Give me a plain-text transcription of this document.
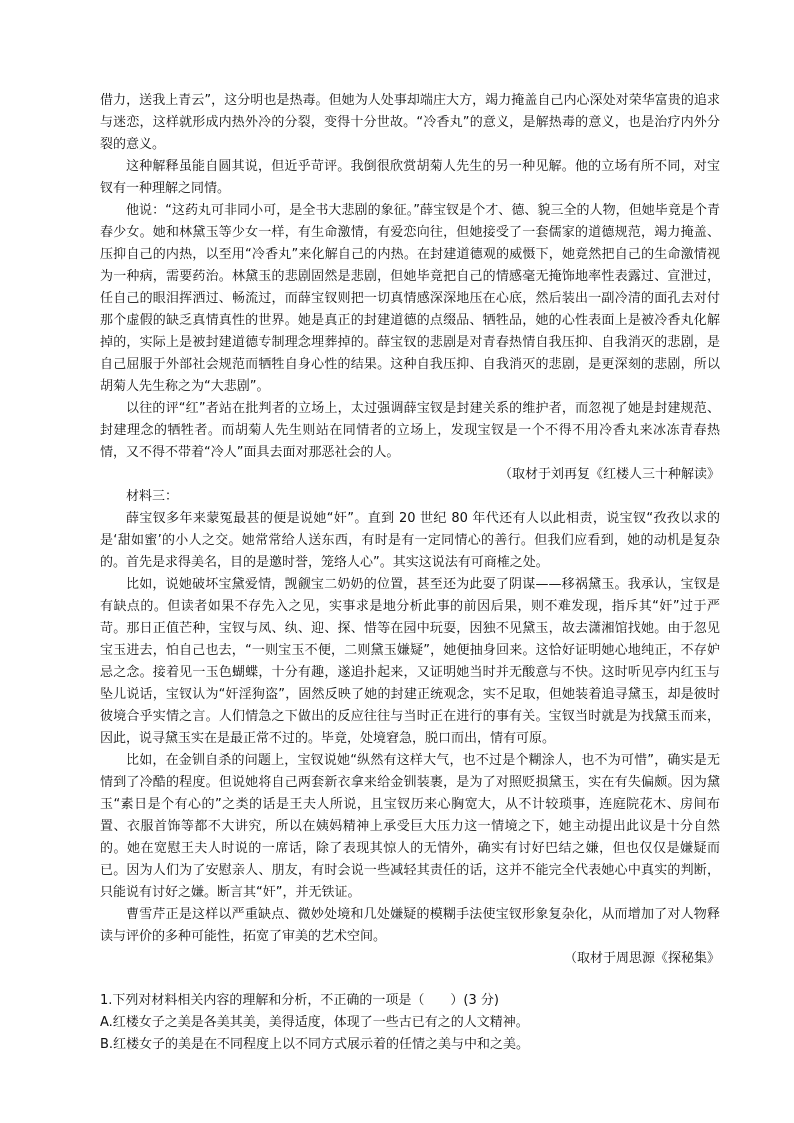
借力，送我上青云”，这分明也是热毒。但她为人处事却端庄大方，竭力掩盖自己内心深处对荣华富贵的追求与迷恋，这样就形成内热外冷的分裂，变得十分世故。“冷香丸”的意义，是解热毒的意义，也是治疗内外分裂的意义。

这种解释虽能自圆其说，但近乎苛评。我倒很欣赏胡菊人先生的另一种见解。他的立场有所不同，对宝钗有一种理解之同情。

他说：“这药丸可非同小可，是全书大悲剧的象征。”薛宝钗是个才、德、貌三全的人物，但她毕竟是个青春少女。她和林黛玉等少女一样，有生命激情，有爱恋向往，但她接受了一套儒家的道德规范，竭力掩盖、压抑自己的内热，以至用“冷香丸”来化解自己的内热。在封建道德观的威慑下，她竟然把自己的生命激情视为一种病，需要药治。林黛玉的悲剧固然是悲剧，但她毕竟把自己的情感毫无掩饰地率性表露过、宣泄过，任自己的眼泪挥洒过、畅流过，而薛宝钗则把一切真情感深深地压在心底，然后装出一副冷清的面孔去对付那个虚假的缺乏真情真性的世界。她是真正的封建道德的点缀品、牺牲品，她的心性表面上是被冷香丸化解掉的，实际上是被封建道德专制理念埋葬掉的。薛宝钗的悲剧是对青春热情自我压抑、自我消灭的悲剧，是自己屈服于外部社会规范而牺牲自身心性的结果。这种自我压抑、自我消灭的悲剧，是更深刻的悲剧，所以胡菊人先生称之为“大悲剧”。

以往的评“红”者站在批判者的立场上，太过强调薛宝钗是封建关系的维护者，而忽视了她是封建规范、封建理念的牺牲者。而胡菊人先生则站在同情者的立场上，发现宝钗是一个不得不用冷香丸来冰冻青春热情，又不得不带着“冷人”面具去面对那恶社会的人。

（取材于刘再复《红楼人三十种解读》

材料三：

薛宝钗多年来蒙冤最甚的便是说她“奸”。直到 20 世纪 80 年代还有人以此相责，说宝钗“孜孜以求的是‘甜如蜜’的小人之交。她常常给人送东西，有时是有一定同情心的善行。但我们应看到，她的动机是复杂的。首先是求得美名，目的是邀时誉，笼络人心”。其实这说法有可商榷之处。

比如，说她破坏宝黛爱情，觊觎宝二奶奶的位置，甚至还为此耍了阴谋——移祸黛玉。我承认，宝钗是有缺点的。但读者如果不存先入之见，实事求是地分析此事的前因后果，则不难发现，指斥其“奸”过于严苛。那日正值芒种，宝钗与凤、纨、迎、探、惜等在园中玩耍，因独不见黛玉，故去潇湘馆找她。由于忽见宝玉进去，怕自己也去，“一则宝玉不便，二则黛玉嫌疑”，她便抽身回来。这恰好证明她心地纯正，不存妒忌之念。接着见一玉色蝴蝶，十分有趣，遂追扑起来，又证明她当时并无酸意与不快。这时听见亭内红玉与坠儿说话，宝钗认为“奸淫狗盗”，固然反映了她的封建正统观念，实不足取，但她装着追寻黛玉，却是彼时彼境合乎实情之言。人们情急之下做出的反应往往与当时正在进行的事有关。宝钗当时就是为找黛玉而来，因此，说寻黛玉实在是最正常不过的。毕竟，处境窘急，脱口而出，情有可原。

比如，在金钏自杀的问题上，宝钗说她“纵然有这样大气，也不过是个糊涂人，也不为可惜”，确实是无情到了冷酷的程度。但说她将自己两套新衣拿来给金钏装裹，是为了对照贬损黛玉，实在有失偏颇。因为黛玉“素日是个有心的”之类的话是王夫人所说，且宝钗历来心胸宽大，从不计较琐事，连庭院花木、房间布置、衣服首饰等都不大讲究，所以在姨妈精神上承受巨大压力这一情境之下，她主动提出此议是十分自然的。她在宽慰王夫人时说的一席话，除了表现其惊人的无情外，确实有讨好巴结之嫌，但也仅仅是嫌疑而已。因为人们为了安慰亲人、朋友，有时会说一些减轻其责任的话，这并不能完全代表她心中真实的判断，只能说有讨好之嫌。断言其“奸”，并无铁证。

曹雪芹正是这样以严重缺点、微妙处境和几处嫌疑的模糊手法使宝钗形象复杂化，从而增加了对人物释读与评价的多种可能性，拓宽了审美的艺术空间。

（取材于周思源《探秘集》

1.下列对材料相关内容的理解和分析，不正确的一项是（　　）(3 分)

A.红楼女子之美是各美其美，美得适度，体现了一些古已有之的人文精神。

B.红楼女子的美是在不同程度上以不同方式展示着的任情之美与中和之美。
